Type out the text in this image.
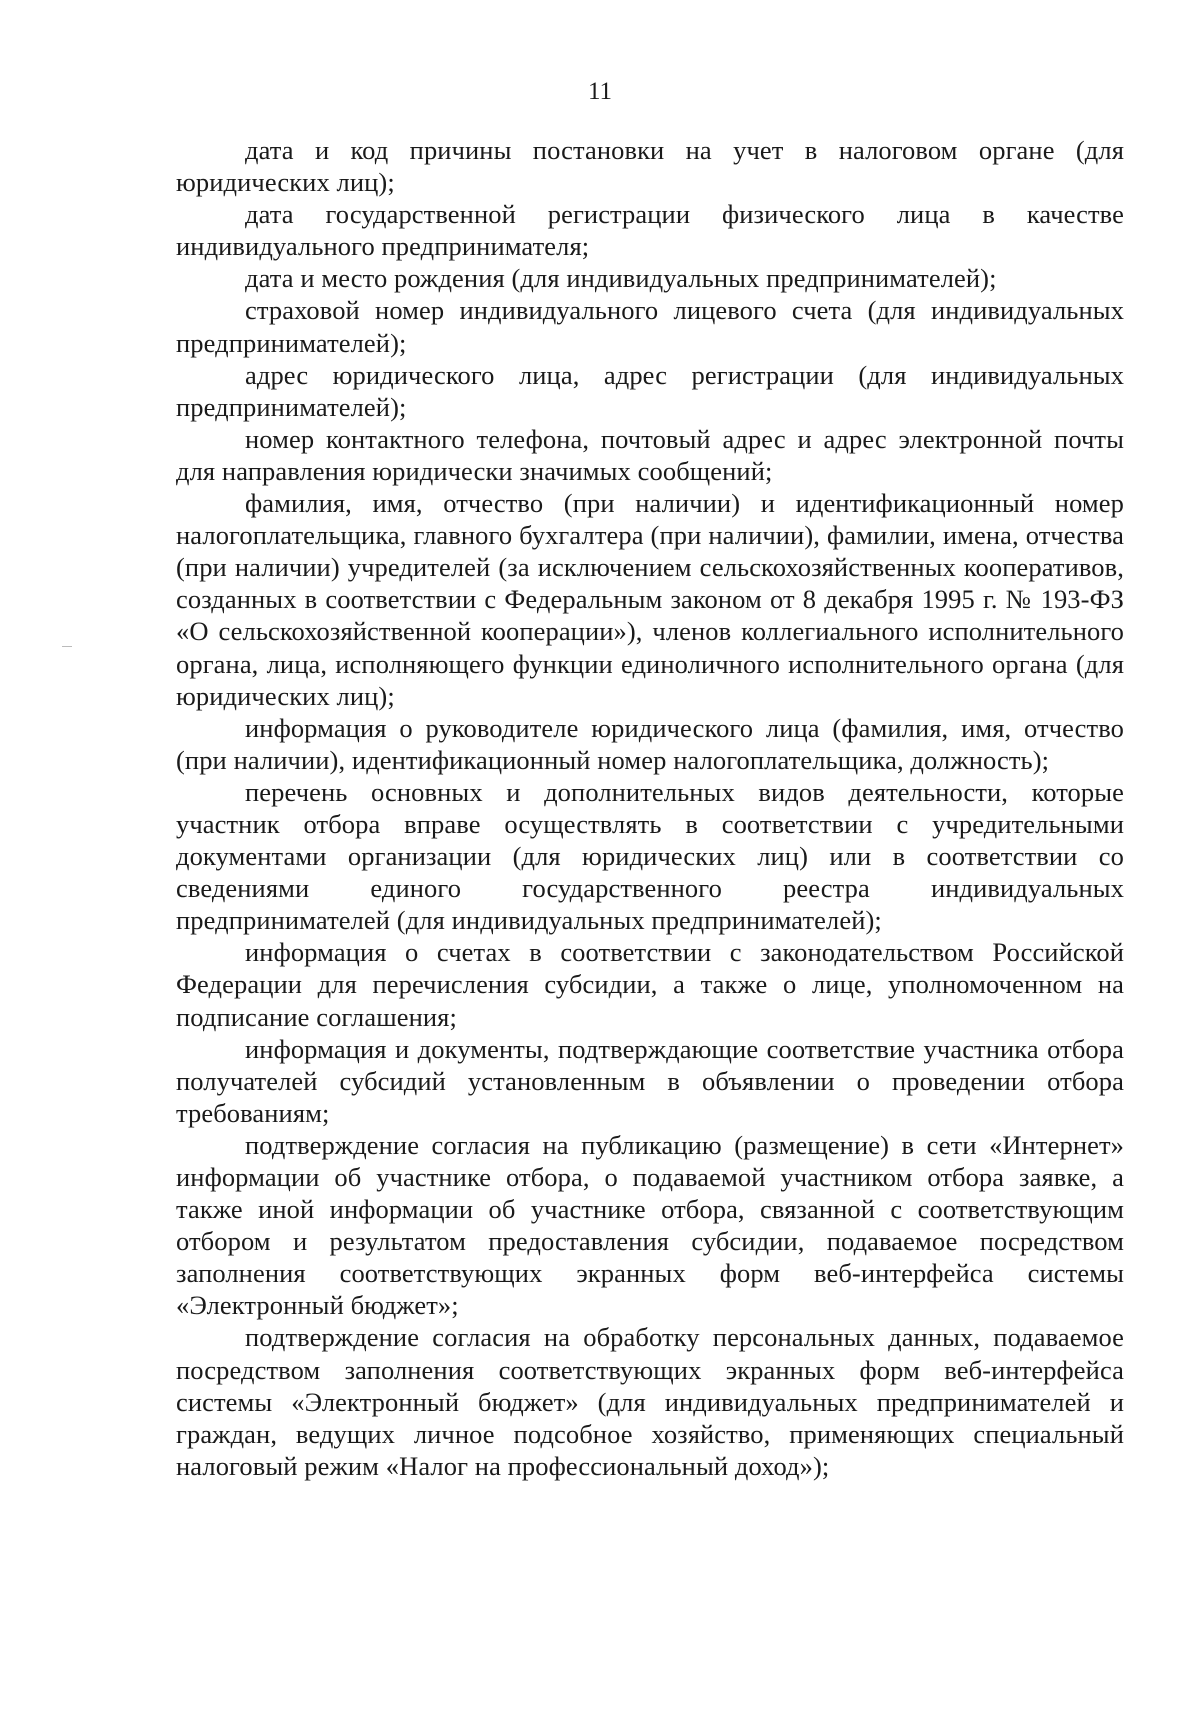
11

дата и код причины постановки на учет в налоговом органе (для юридических лиц);

дата государственной регистрации физического лица в качестве индивидуального предпринимателя;

дата и место рождения (для индивидуальных предпринимателей);

страховой номер индивидуального лицевого счета (для индивидуальных предпринимателей);

адрес юридического лица, адрес регистрации (для индивидуальных предпринимателей);

номер контактного телефона, почтовый адрес и адрес электронной почты для направления юридически значимых сообщений;

фамилия, имя, отчество (при наличии) и идентификационный номер налогоплательщика, главного бухгалтера (при наличии), фамилии, имена, отчества (при наличии) учредителей (за исключением сельскохозяйственных кооперативов, созданных в соответствии с Федеральным законом от 8 декабря 1995 г. № 193-ФЗ «О сельскохозяйственной кооперации»), членов коллегиального исполнительного органа, лица, исполняющего функции единоличного исполнительного органа (для юридических лиц);

информация о руководителе юридического лица (фамилия, имя, отчество (при наличии), идентификационный номер налогоплательщика, должность);

перечень основных и дополнительных видов деятельности, которые участник отбора вправе осуществлять в соответствии с учредительными документами организации (для юридических лиц) или в соответствии со сведениями единого государственного реестра индивидуальных предпринимателей (для индивидуальных предпринимателей);

информация о счетах в соответствии с законодательством Российской Федерации для перечисления субсидии, а также о лице, уполномоченном на подписание соглашения;

информация и документы, подтверждающие соответствие участника отбора получателей субсидий установленным в объявлении о проведении отбора требованиям;

подтверждение согласия на публикацию (размещение) в сети «Интернет» информации об участнике отбора, о подаваемой участником отбора заявке, а также иной информации об участнике отбора, связанной с соответствующим отбором и результатом предоставления субсидии, подаваемое посредством заполнения соответствующих экранных форм веб-интерфейса системы «Электронный бюджет»;

подтверждение согласия на обработку персональных данных, подаваемое посредством заполнения соответствующих экранных форм веб-интерфейса системы «Электронный бюджет» (для индивидуальных предпринимателей и граждан, ведущих личное подсобное хозяйство, применяющих специальный налоговый режим «Налог на профессиональный доход»);
